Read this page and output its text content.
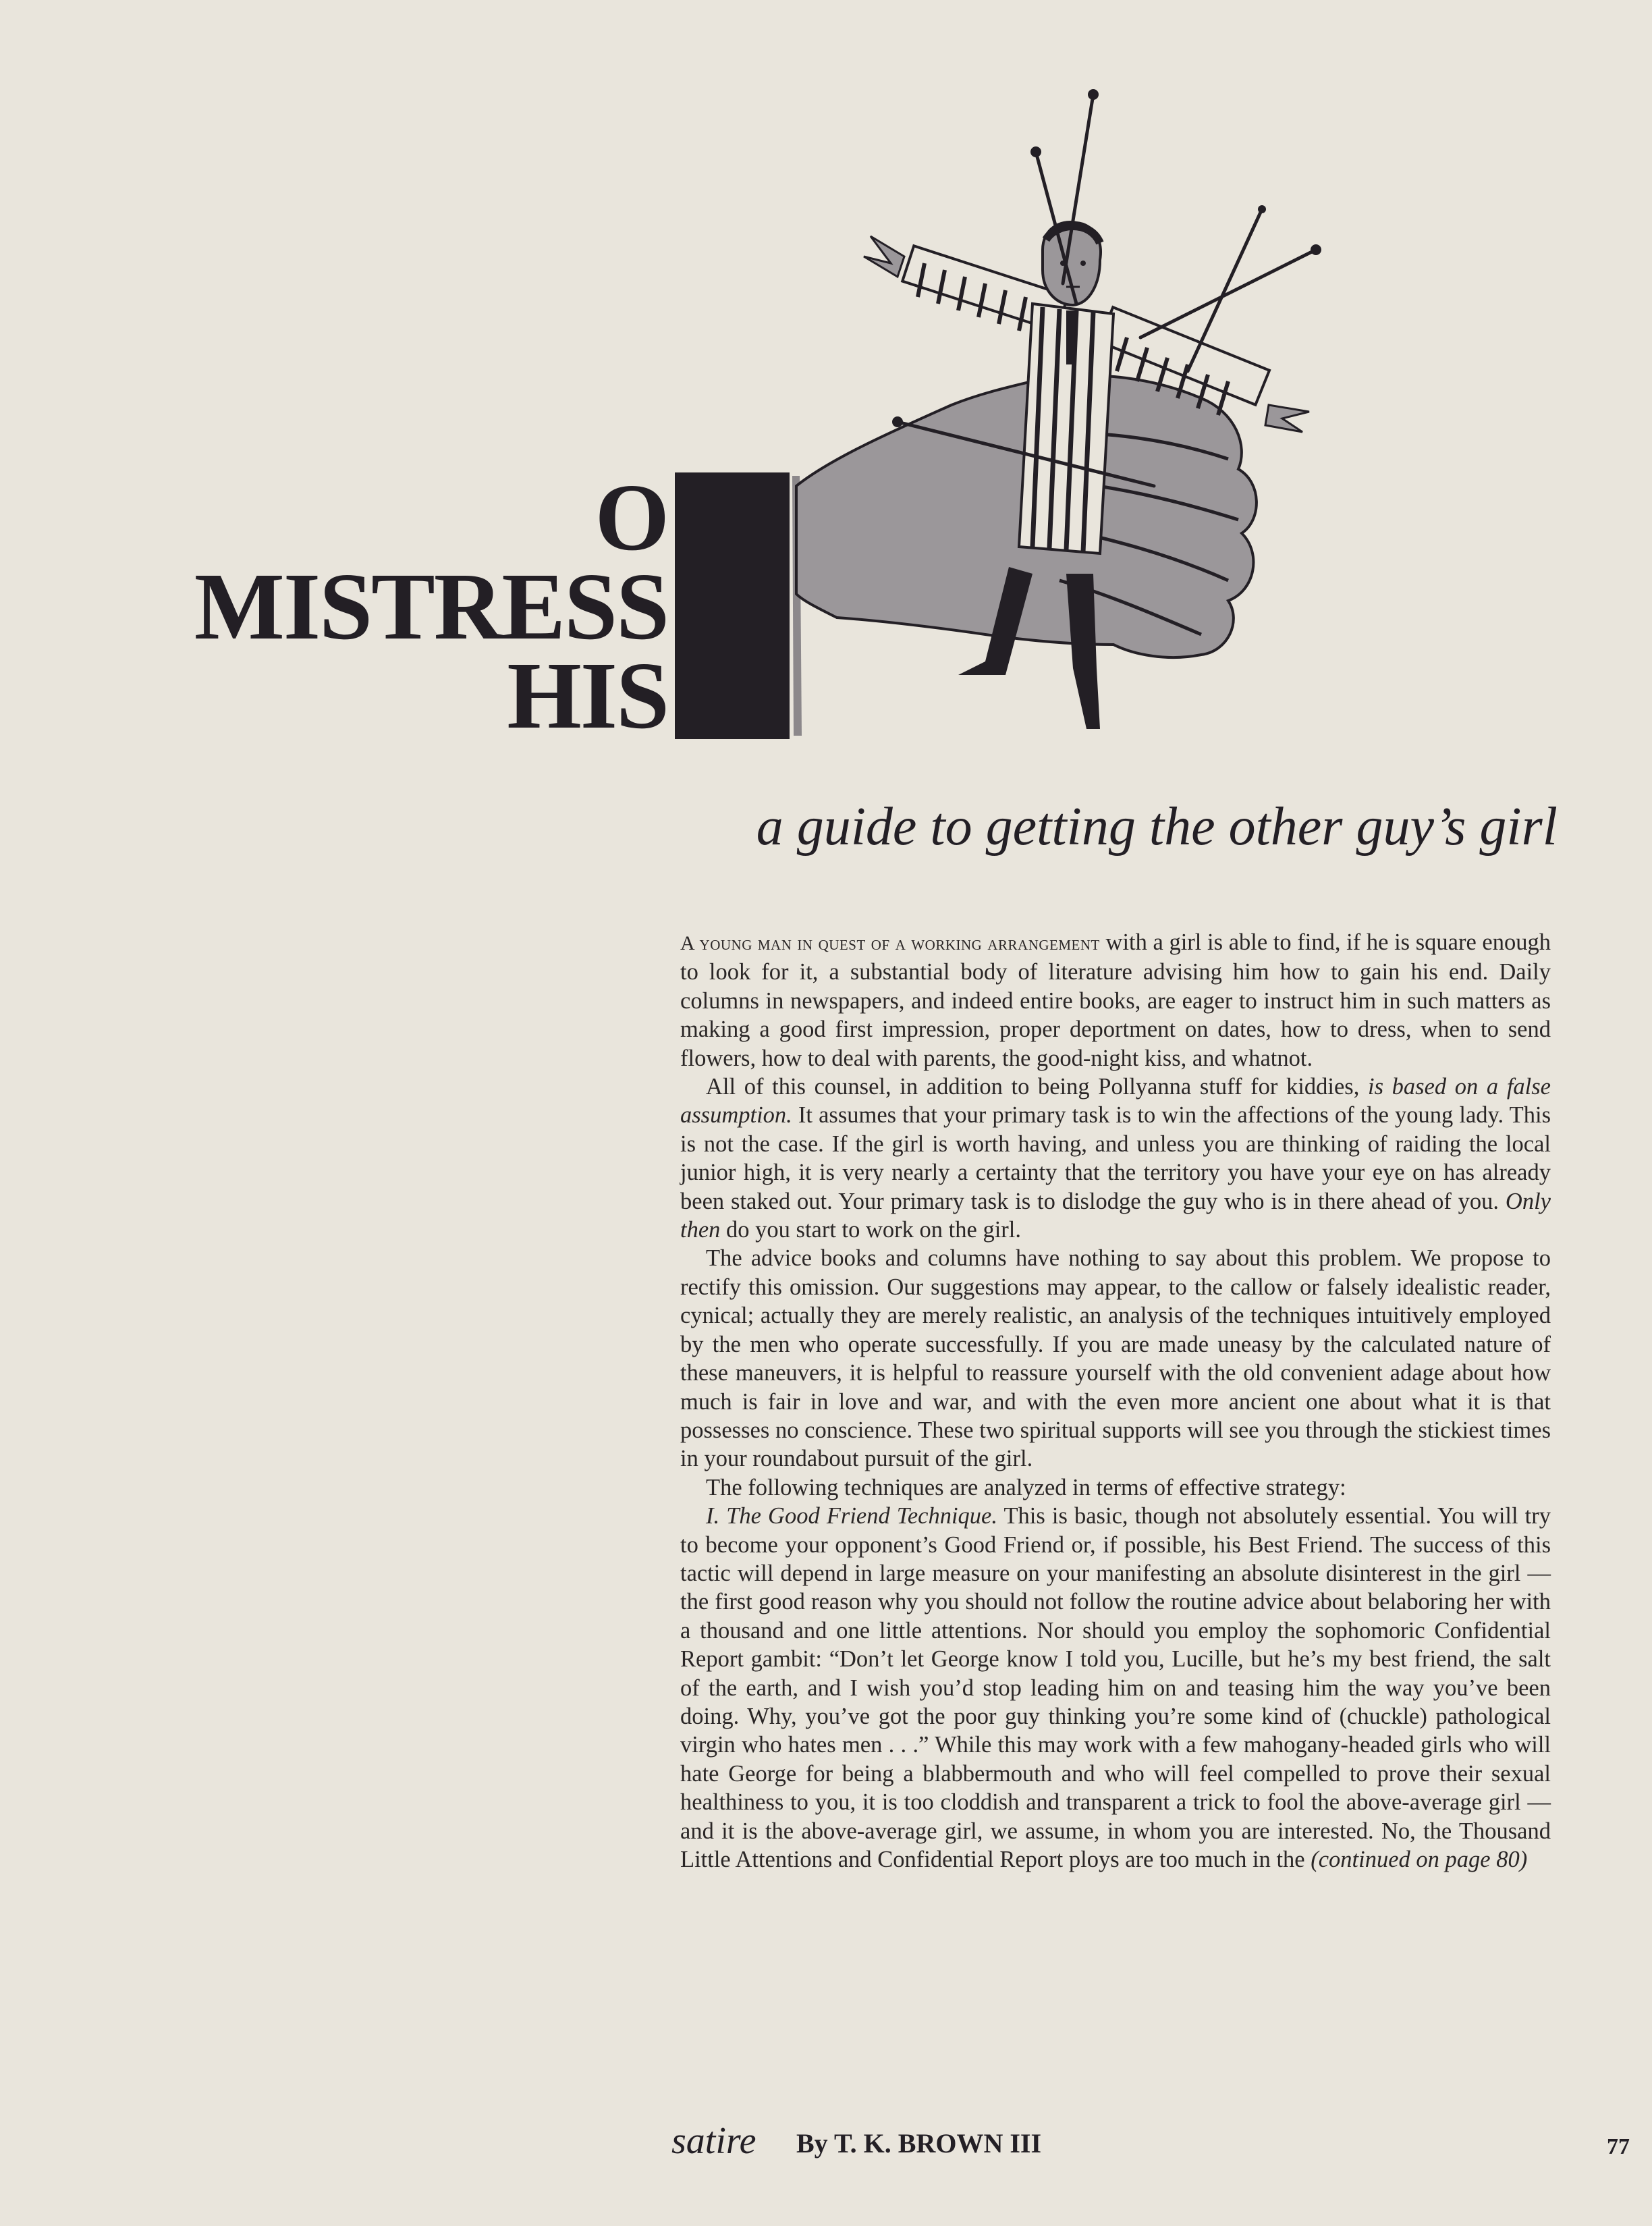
O
MISTRESS
HIS
a guide to getting the other guy’s girl

A young man in quest of a working arrangement with a girl is able to find, if he is square enough to look for it, a substantial body of literature advising him how to gain his end. Daily columns in newspapers, and indeed entire books, are eager to instruct him in such matters as making a good first impression, proper deportment on dates, how to dress, when to send flowers, how to deal with parents, the good-night kiss, and whatnot.

All of this counsel, in addition to being Pollyanna stuff for kiddies, is based on a false assumption. It assumes that your primary task is to win the affections of the young lady. This is not the case. If the girl is worth having, and unless you are thinking of raiding the local junior high, it is very nearly a certainty that the territory you have your eye on has already been staked out. Your primary task is to dislodge the guy who is in there ahead of you. Only then do you start to work on the girl.

The advice books and columns have nothing to say about this problem. We propose to rectify this omission. Our suggestions may appear, to the callow or falsely idealistic reader, cynical; actually they are merely realistic, an analysis of the techniques intuitively employed by the men who operate successfully. If you are made uneasy by the calculated nature of these maneuvers, it is helpful to reassure yourself with the old convenient adage about how much is fair in love and war, and with the even more ancient one about what it is that possesses no conscience. These two spiritual supports will see you through the stickiest times in your roundabout pursuit of the girl.

The following techniques are analyzed in terms of effective strategy:

I. The Good Friend Technique. This is basic, though not absolutely essential. You will try to become your opponent’s Good Friend or, if possible, his Best Friend. The success of this tactic will depend in large measure on your manifesting an absolute disinterest in the girl — the first good reason why you should not follow the routine advice about belaboring her with a thousand and one little attentions. Nor should you employ the sophomoric Confidential Report gambit: “Don’t let George know I told you, Lucille, but he’s my best friend, the salt of the earth, and I wish you’d stop leading him on and teasing him the way you’ve been doing. Why, you’ve got the poor guy thinking you’re some kind of (chuckle) pathological virgin who hates men . . .” While this may work with a few mahogany-headed girls who will hate George for being a blabbermouth and who will feel compelled to prove their sexual healthiness to you, it is too cloddish and transparent a trick to fool the above-average girl — and it is the above-average girl, we assume, in whom you are interested. No, the Thousand Little Attentions and Confidential Report ploys are too much in the (continued on page 80)

satire By T. K. BROWN III	77
